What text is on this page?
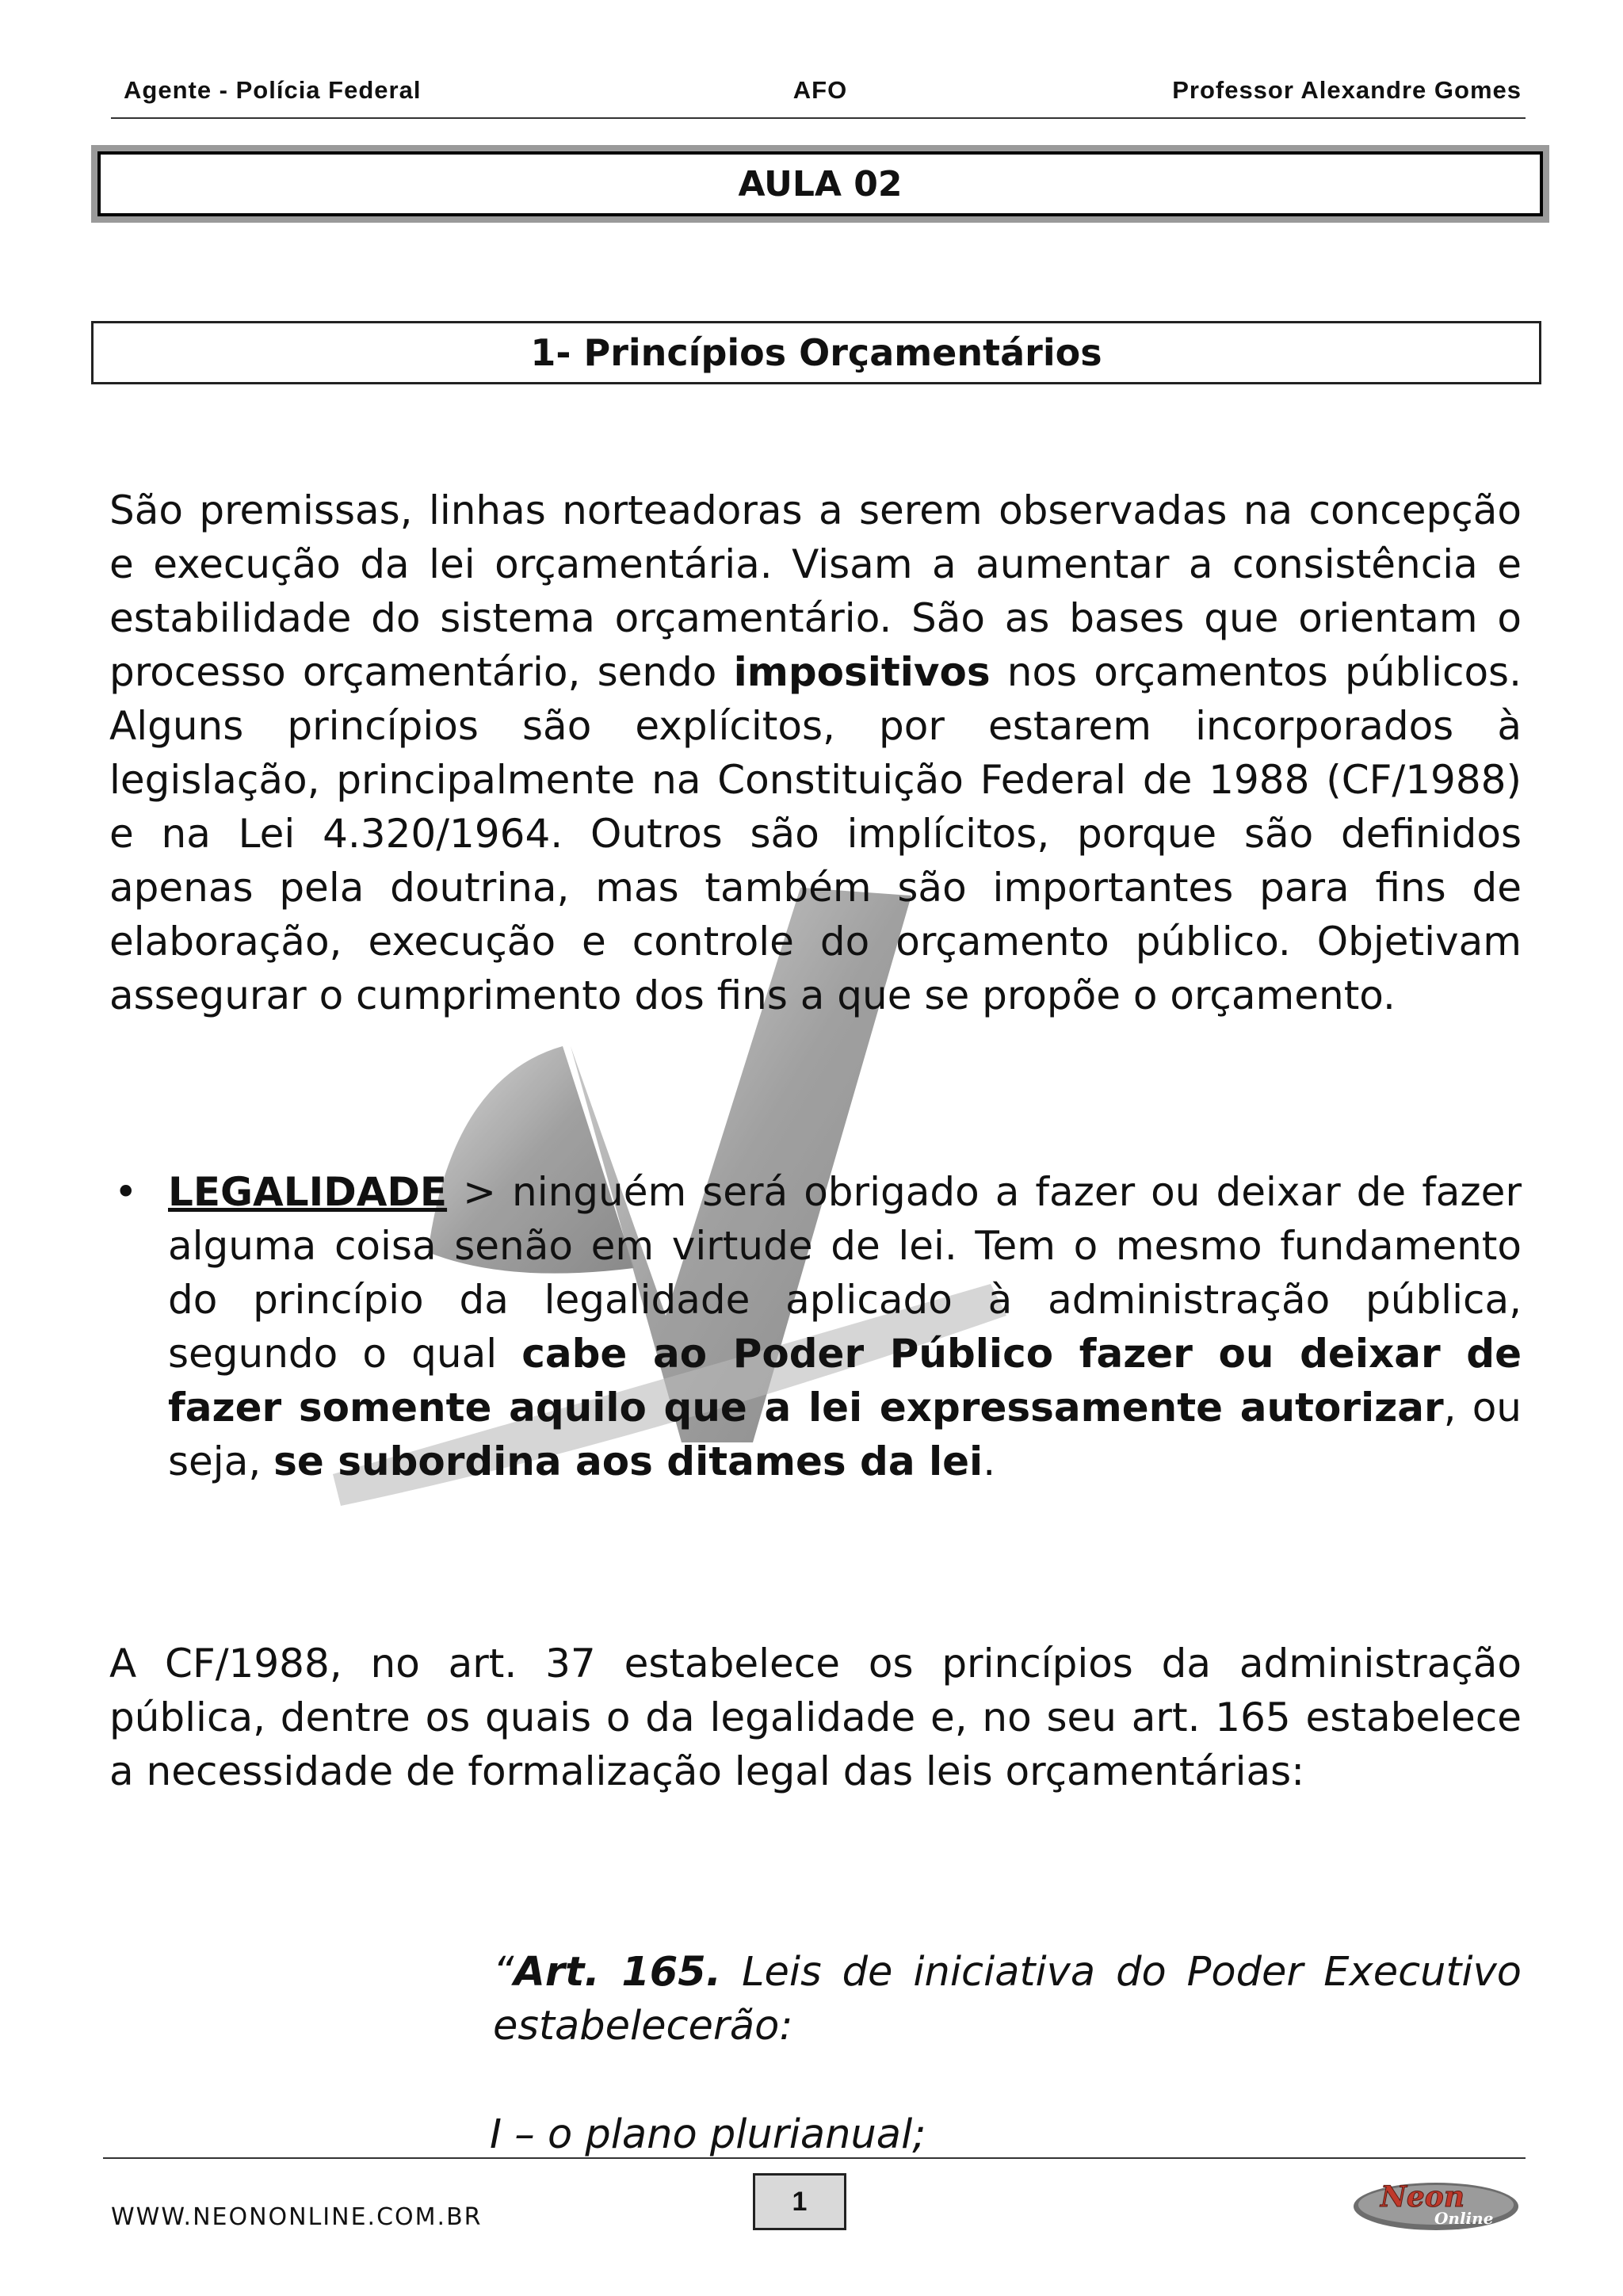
Agente - Polícia Federal	AFO	Professor Alexandre Gomes
AULA 02
1- Princípios Orçamentários

São premissas, linhas norteadoras a serem observadas na concepção e execução da lei orçamentária. Visam a aumentar a consistência e estabilidade do sistema orçamentário. São as bases que orientam o processo orçamentário, sendo impositivos nos orçamentos públicos. Alguns princípios são explícitos, por estarem incorporados à legislação, principalmente na Constituição Federal de 1988 (CF/1988) e na Lei 4.320/1964. Outros são implícitos, porque são definidos apenas pela doutrina, mas também são importantes para fins de elaboração, execução e controle do orçamento público. Objetivam assegurar o cumprimento dos fins a que se propõe o orçamento.

• LEGALIDADE > ninguém será obrigado a fazer ou deixar de fazer alguma coisa senão em virtude de lei. Tem o mesmo fundamento do princípio da legalidade aplicado à administração pública, segundo o qual cabe ao Poder Público fazer ou deixar de fazer somente aquilo que a lei expressamente autorizar, ou seja, se subordina aos ditames da lei.

A CF/1988, no art. 37 estabelece os princípios da administração pública, dentre os quais o da legalidade e, no seu art. 165 estabelece a necessidade de formalização legal das leis orçamentárias:

“Art. 165. Leis de iniciativa do Poder Executivo estabelecerão:

I – o plano plurianual;

WWW.NEONONLINE.COM.BR
1	Neon
Online
